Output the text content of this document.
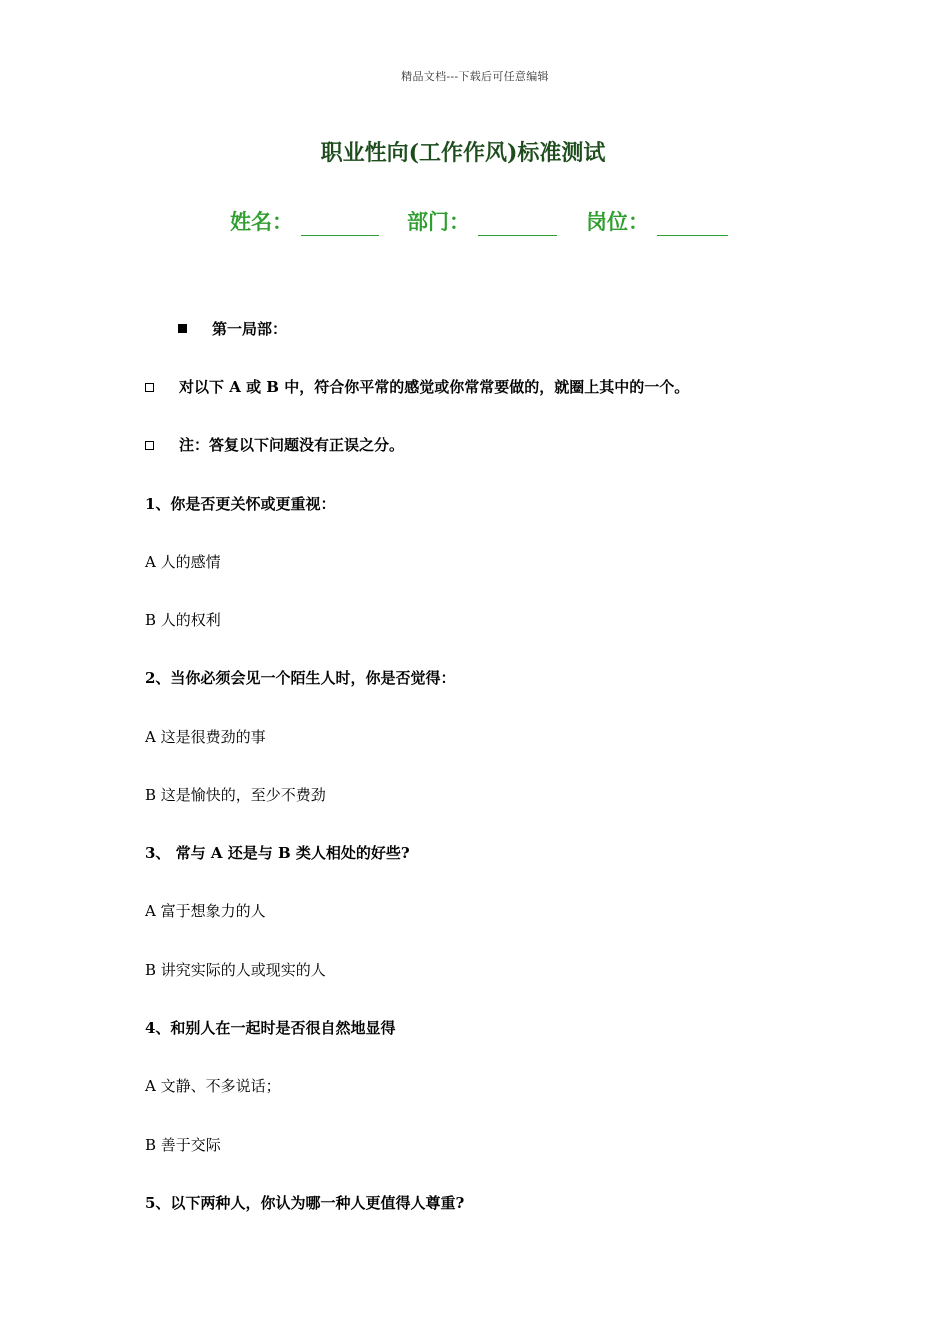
精品文档---下载后可任意编辑
职业性向(工作作风)标准测试
姓名：	部门：	岗位：
第一局部：
对以下 A 或 B 中，符合你平常的感觉或你常常要做的，就圈上其中的一个。
注：答复以下问题没有正误之分。
1、你是否更关怀或更重视：
A 人的感情
B 人的权利
2、当你必须会见一个陌生人时，你是否觉得：
A 这是很费劲的事
B 这是愉快的，至少不费劲
3、 常与 A 还是与 B 类人相处的好些?
A 富于想象力的人
B 讲究实际的人或现实的人
4、和别人在一起时是否很自然地显得
A 文静、不多说话；
B 善于交际
5、以下两种人，你认为哪一种人更值得人尊重?
